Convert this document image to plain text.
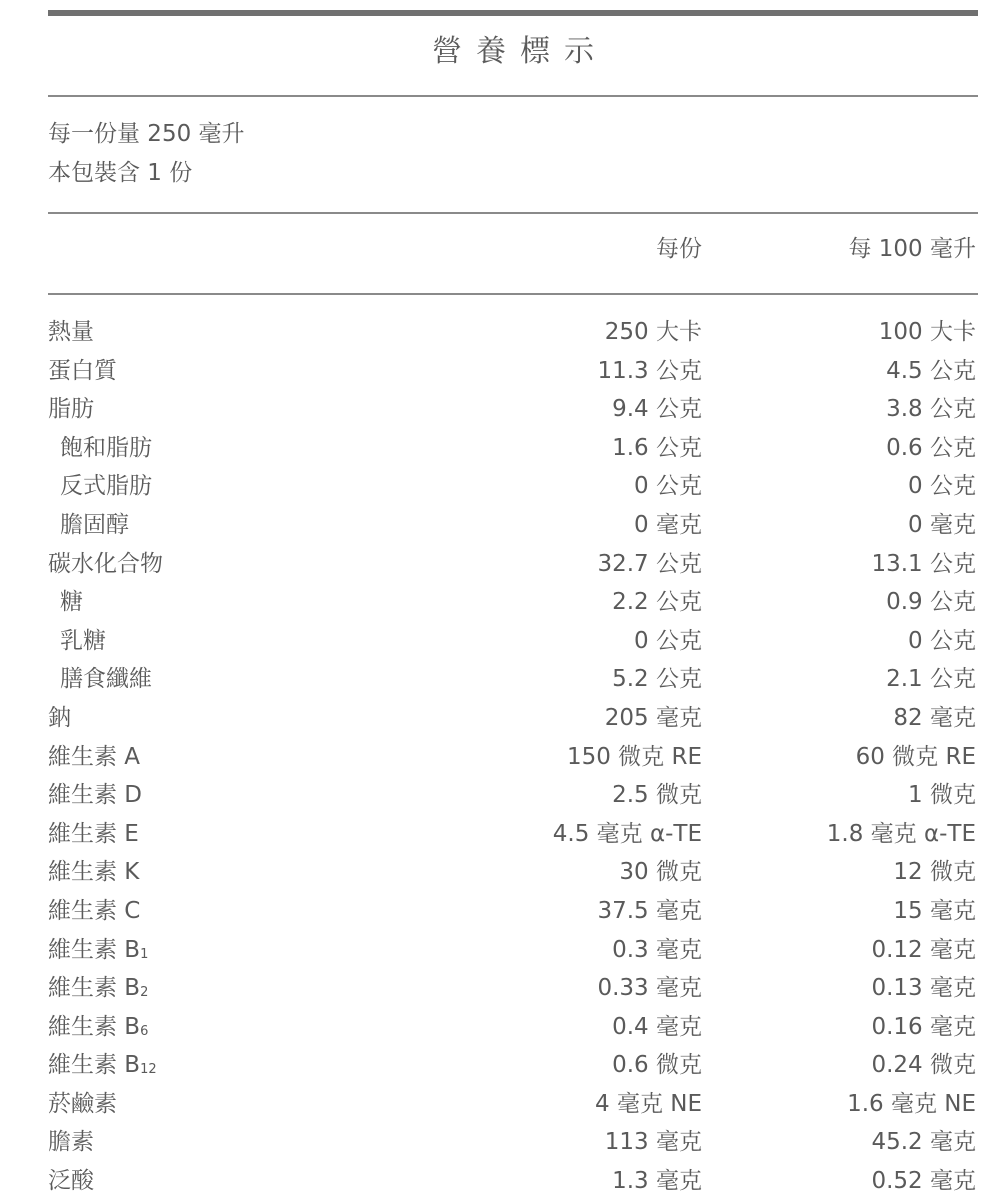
營養標示
每一份量 250 毫升
本包裝含 1 份
每份	每 100 毫升
熱量	250 大卡	100 大卡
蛋白質	11.3 公克	4.5 公克
脂肪	9.4 公克	3.8 公克
飽和脂肪	1.6 公克	0.6 公克
反式脂肪	0 公克	0 公克
膽固醇	0 毫克	0 毫克
碳水化合物	32.7 公克	13.1 公克
糖	2.2 公克	0.9 公克
乳糖	0 公克	0 公克
膳食纖維	5.2 公克	2.1 公克
鈉	205 毫克	82 毫克
維生素 A	150 微克 RE	60 微克 RE
維生素 D	2.5 微克	1 微克
維生素 E	4.5 毫克 α-TE	1.8 毫克 α-TE
維生素 K	30 微克	12 微克
維生素 C	37.5 毫克	15 毫克
維生素 B1	0.3 毫克	0.12 毫克
維生素 B2	0.33 毫克	0.13 毫克
維生素 B6	0.4 毫克	0.16 毫克
維生素 B12	0.6 微克	0.24 微克
菸鹼素	4 毫克 NE	1.6 毫克 NE
膽素	113 毫克	45.2 毫克
泛酸	1.3 毫克	0.52 毫克
